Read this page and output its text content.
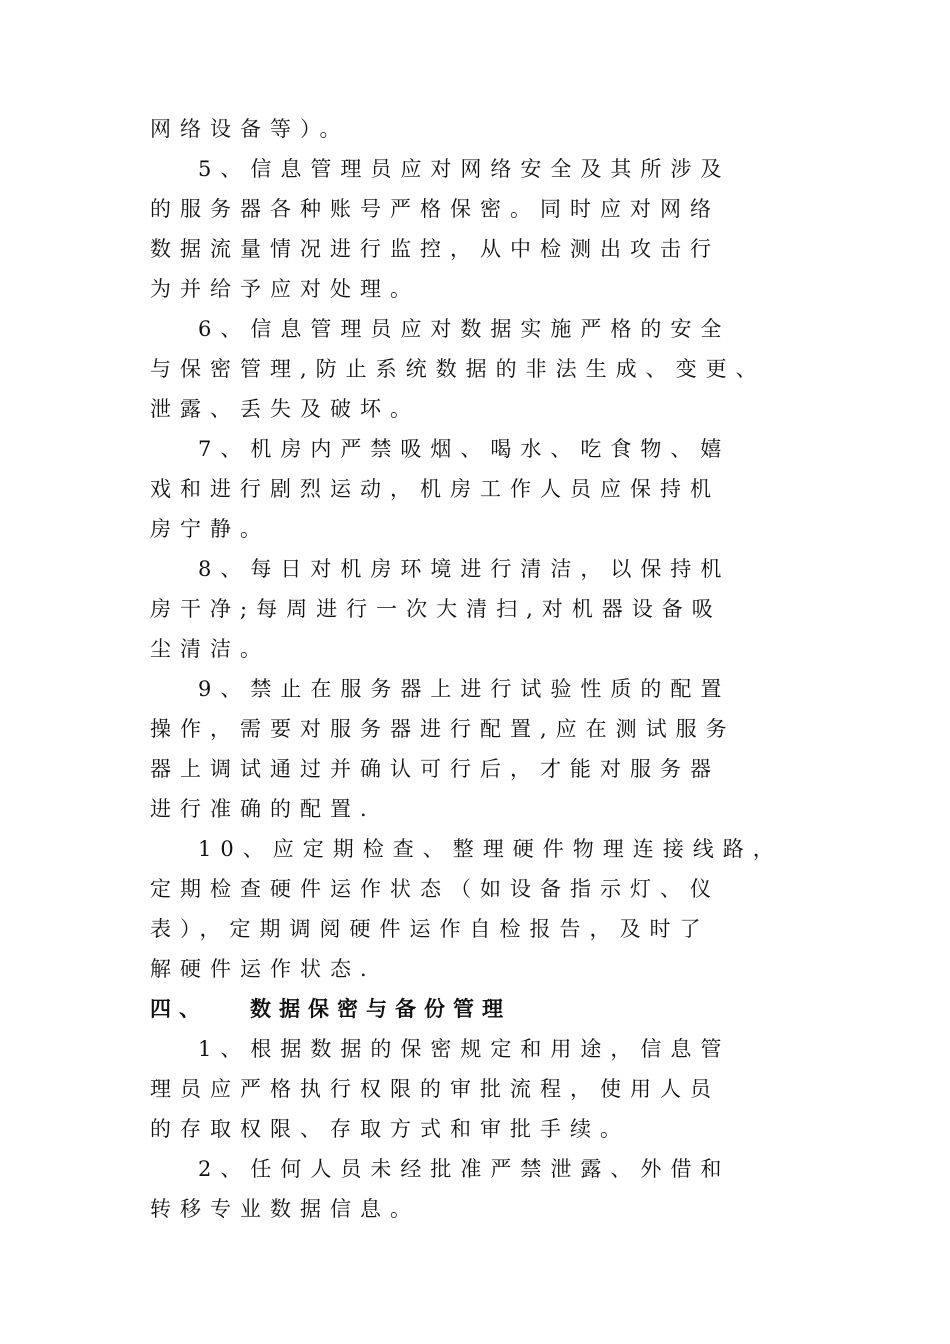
网络设备等）。
5、信息管理员应对网络安全及其所涉及
的服务器各种账号严格保密。同时应对网络
数据流量情况进行监控，从中检测出攻击行
为并给予应对处理。
6、信息管理员应对数据实施严格的安全
与保密管理,防止系统数据的非法生成、变更、
泄露、丢失及破坏。
7、机房内严禁吸烟、喝水、吃食物、嬉
戏和进行剧烈运动，机房工作人员应保持机
房宁静。
8、每日对机房环境进行清洁，以保持机
房干净;每周进行一次大清扫,对机器设备吸
尘清洁。
9、禁止在服务器上进行试验性质的配置
操作，需要对服务器进行配置,应在测试服务
器上调试通过并确认可行后，才能对服务器
进行准确的配置.
10、应定期检查、整理硬件物理连接线路，
定期检查硬件运作状态（如设备指示灯、仪
表），定期调阅硬件运作自检报告，及时了
解硬件运作状态.
四、 数据保密与备份管理
1、根据数据的保密规定和用途，信息管
理员应严格执行权限的审批流程，使用人员
的存取权限、存取方式和审批手续。
2、任何人员未经批准严禁泄露、外借和
转移专业数据信息。
